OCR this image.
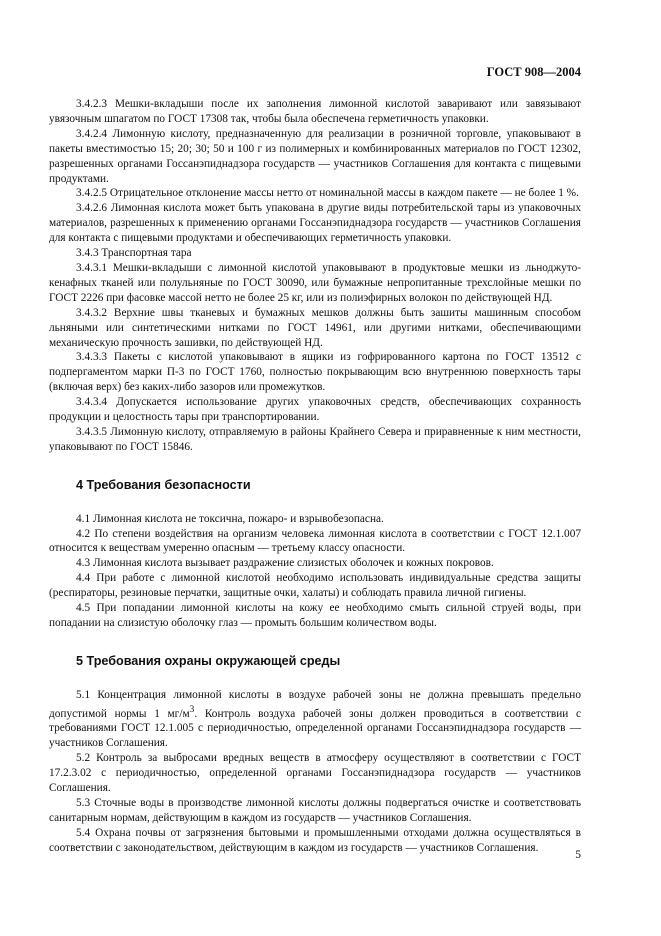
ГОСТ 908—2004

3.4.2.3 Мешки-вкладыши после их заполнения лимонной кислотой заваривают или завязывают увязочным шпагатом по ГОСТ 17308 так, чтобы была обеспечена герметичность упаковки.

3.4.2.4 Лимонную кислоту, предназначенную для реализации в розничной торговле, упаковывают в пакеты вместимостью 15; 20; 30; 50 и 100 г из полимерных и комбинированных материалов по ГОСТ 12302, разрешенных органами Госсанэпиднадзора государств — участников Соглашения для контакта с пищевыми продуктами.

3.4.2.5 Отрицательное отклонение массы нетто от номинальной массы в каждом пакете — не более 1 %.

3.4.2.6 Лимонная кислота может быть упакована в другие виды потребительской тары из упаковочных материалов, разрешенных к применению органами Госсанэпиднадзора государств — участников Соглашения для контакта с пищевыми продуктами и обеспечивающих герметичность упаковки.

3.4.3 Транспортная тара

3.4.3.1 Мешки-вкладыши с лимонной кислотой упаковывают в продуктовые мешки из льноджуто-кенафных тканей или полульняные по ГОСТ 30090, или бумажные непропитанные трехслойные мешки по ГОСТ 2226 при фасовке массой нетто не более 25 кг, или из полиэфирных волокон по действующей НД.

3.4.3.2 Верхние швы тканевых и бумажных мешков должны быть зашиты машинным способом льняными или синтетическими нитками по ГОСТ 14961, или другими нитками, обеспечивающими механическую прочность зашивки, по действующей НД.

3.4.3.3 Пакеты с кислотой упаковывают в ящики из гофрированного картона по ГОСТ 13512 с подпергаментом марки П-3 по ГОСТ 1760, полностью покрывающим всю внутреннюю поверхность тары (включая верх) без каких-либо зазоров или промежутков.

3.4.3.4 Допускается использование других упаковочных средств, обеспечивающих сохранность продукции и целостность тары при транспортировании.

3.4.3.5 Лимонную кислоту, отправляемую в районы Крайнего Севера и приравненные к ним местности, упаковывают по ГОСТ 15846.

4 Требования безопасности

4.1 Лимонная кислота не токсична, пожаро- и взрывобезопасна.

4.2 По степени воздействия на организм человека лимонная кислота в соответствии с ГОСТ 12.1.007 относится к веществам умеренно опасным — третьему классу опасности.

4.3 Лимонная кислота вызывает раздражение слизистых оболочек и кожных покровов.

4.4 При работе с лимонной кислотой необходимо использовать индивидуальные средства защиты (респираторы, резиновые перчатки, защитные очки, халаты) и соблюдать правила личной гигиены.

4.5 При попадании лимонной кислоты на кожу ее необходимо смыть сильной струей воды, при попадании на слизистую оболочку глаз — промыть большим количеством воды.

5 Требования охраны окружающей среды

5.1 Концентрация лимонной кислоты в воздухе рабочей зоны не должна превышать предельно допустимой нормы 1 $мг/м^3$. Контроль воздуха рабочей зоны должен проводиться в соответствии с требованиями ГОСТ 12.1.005 с периодичностью, определенной органами Госсанэпиднадзора государств — участников Соглашения.

5.2 Контроль за выбросами вредных веществ в атмосферу осуществляют в соответствии с ГОСТ 17.2.3.02 с периодичностью, определенной органами Госсанэпиднадзора государств — участников Соглашения.

5.3 Сточные воды в производстве лимонной кислоты должны подвергаться очистке и соответствовать санитарным нормам, действующим в каждом из государств — участников Соглашения.

5.4 Охрана почвы от загрязнения бытовыми и промышленными отходами должна осуществляться в соответствии с законодательством, действующим в каждом из государств — участников Соглашения.

5
